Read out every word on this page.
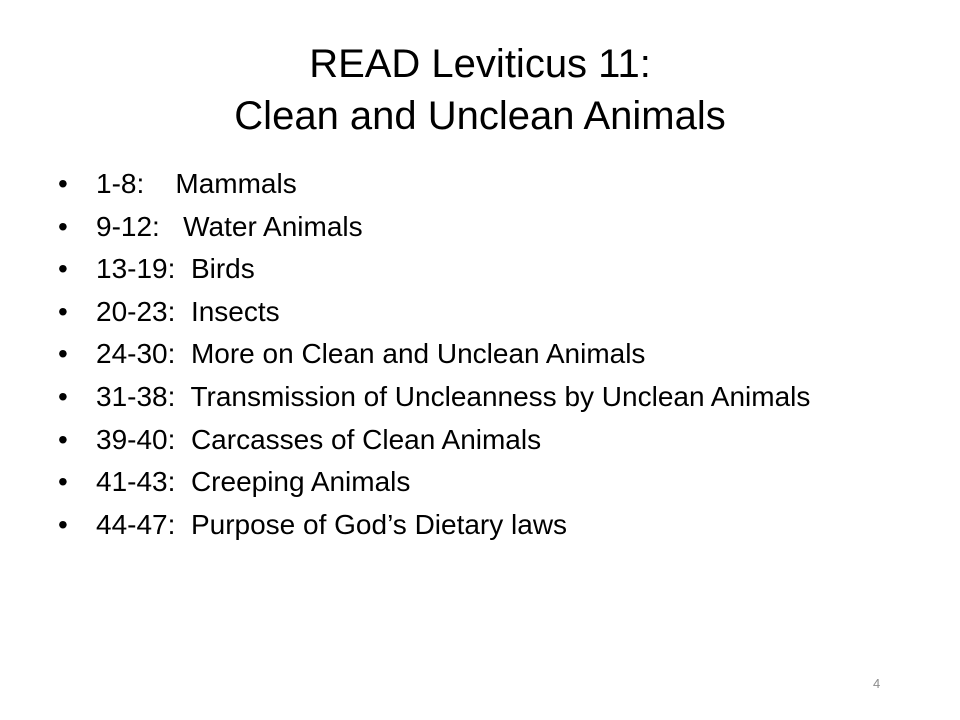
READ Leviticus 11:
Clean and Unclean Animals
•	1-8:    Mammals
•	9-12:   Water Animals
•	13-19:  Birds
•	20-23:  Insects
•	24-30:  More on Clean and Unclean Animals
•	31-38:  Transmission of Uncleanness by Unclean Animals
•	39-40:  Carcasses of Clean Animals
•	41-43:  Creeping Animals
•	44-47:  Purpose of God’s Dietary laws
4
